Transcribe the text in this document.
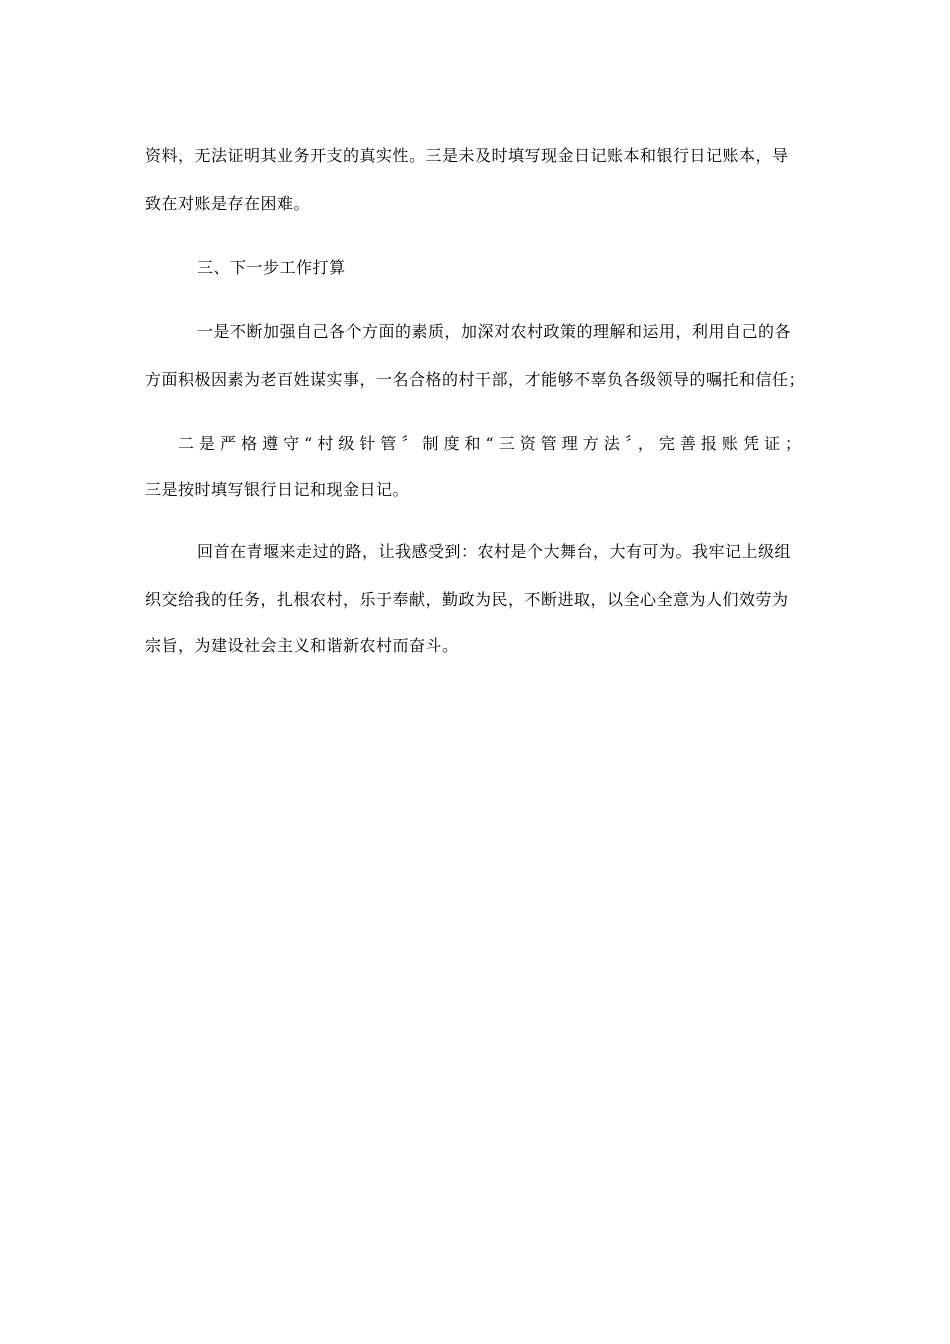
资料，无法证明其业务开支的真实性。三是未及时填写现金日记账本和银行日记账本，导
致在对账是存在困难。
三、下一步工作打算
一是不断加强自己各个方面的素质，加深对农村政策的理解和运用，利用自己的各
方面积极因素为老百姓谋实事，一名合格的村干部，才能够不辜负各级领导的嘱托和信任；
二是严格遵守“村级针管〞制度和“三资管理方法〞，完善报账凭证；
三是按时填写银行日记和现金日记。
回首在青堰来走过的路，让我感受到：农村是个大舞台，大有可为。我牢记上级组
织交给我的任务，扎根农村，乐于奉献，勤政为民，不断进取，以全心全意为人们效劳为
宗旨，为建设社会主义和谐新农村而奋斗。
